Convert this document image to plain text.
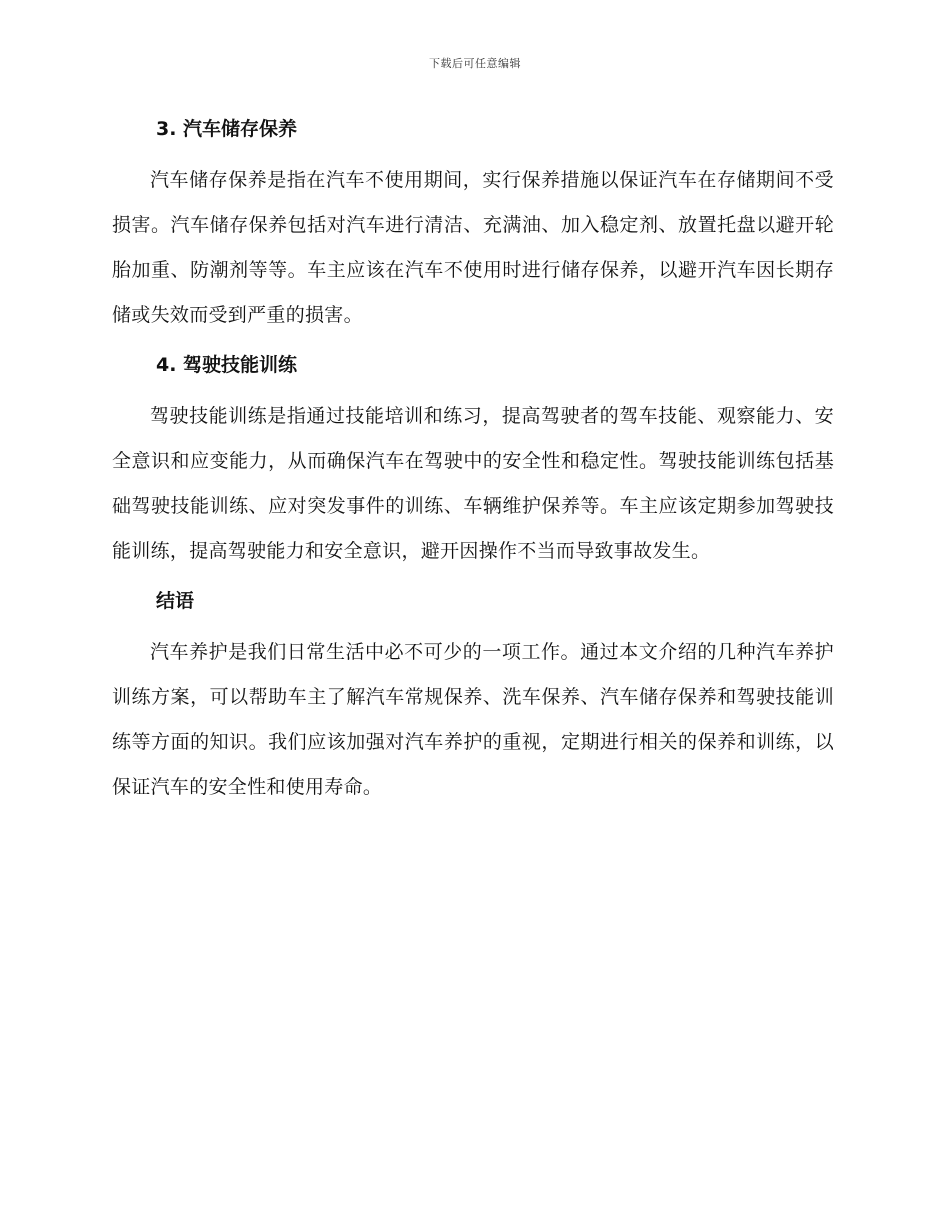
下载后可任意编辑
3. 汽车储存保养

汽车储存保养是指在汽车不使用期间，实行保养措施以保证汽车在存储期间不受损害。汽车储存保养包括对汽车进行清洁、充满油、加入稳定剂、放置托盘以避开轮胎加重、防潮剂等等。车主应该在汽车不使用时进行储存保养，以避开汽车因长期存储或失效而受到严重的损害。

4. 驾驶技能训练

驾驶技能训练是指通过技能培训和练习，提高驾驶者的驾车技能、观察能力、安全意识和应变能力，从而确保汽车在驾驶中的安全性和稳定性。驾驶技能训练包括基础驾驶技能训练、应对突发事件的训练、车辆维护保养等。车主应该定期参加驾驶技能训练，提高驾驶能力和安全意识，避开因操作不当而导致事故发生。

结语

汽车养护是我们日常生活中必不可少的一项工作。通过本文介绍的几种汽车养护训练方案，可以帮助车主了解汽车常规保养、洗车保养、汽车储存保养和驾驶技能训练等方面的知识。我们应该加强对汽车养护的重视，定期进行相关的保养和训练，以保证汽车的安全性和使用寿命。
